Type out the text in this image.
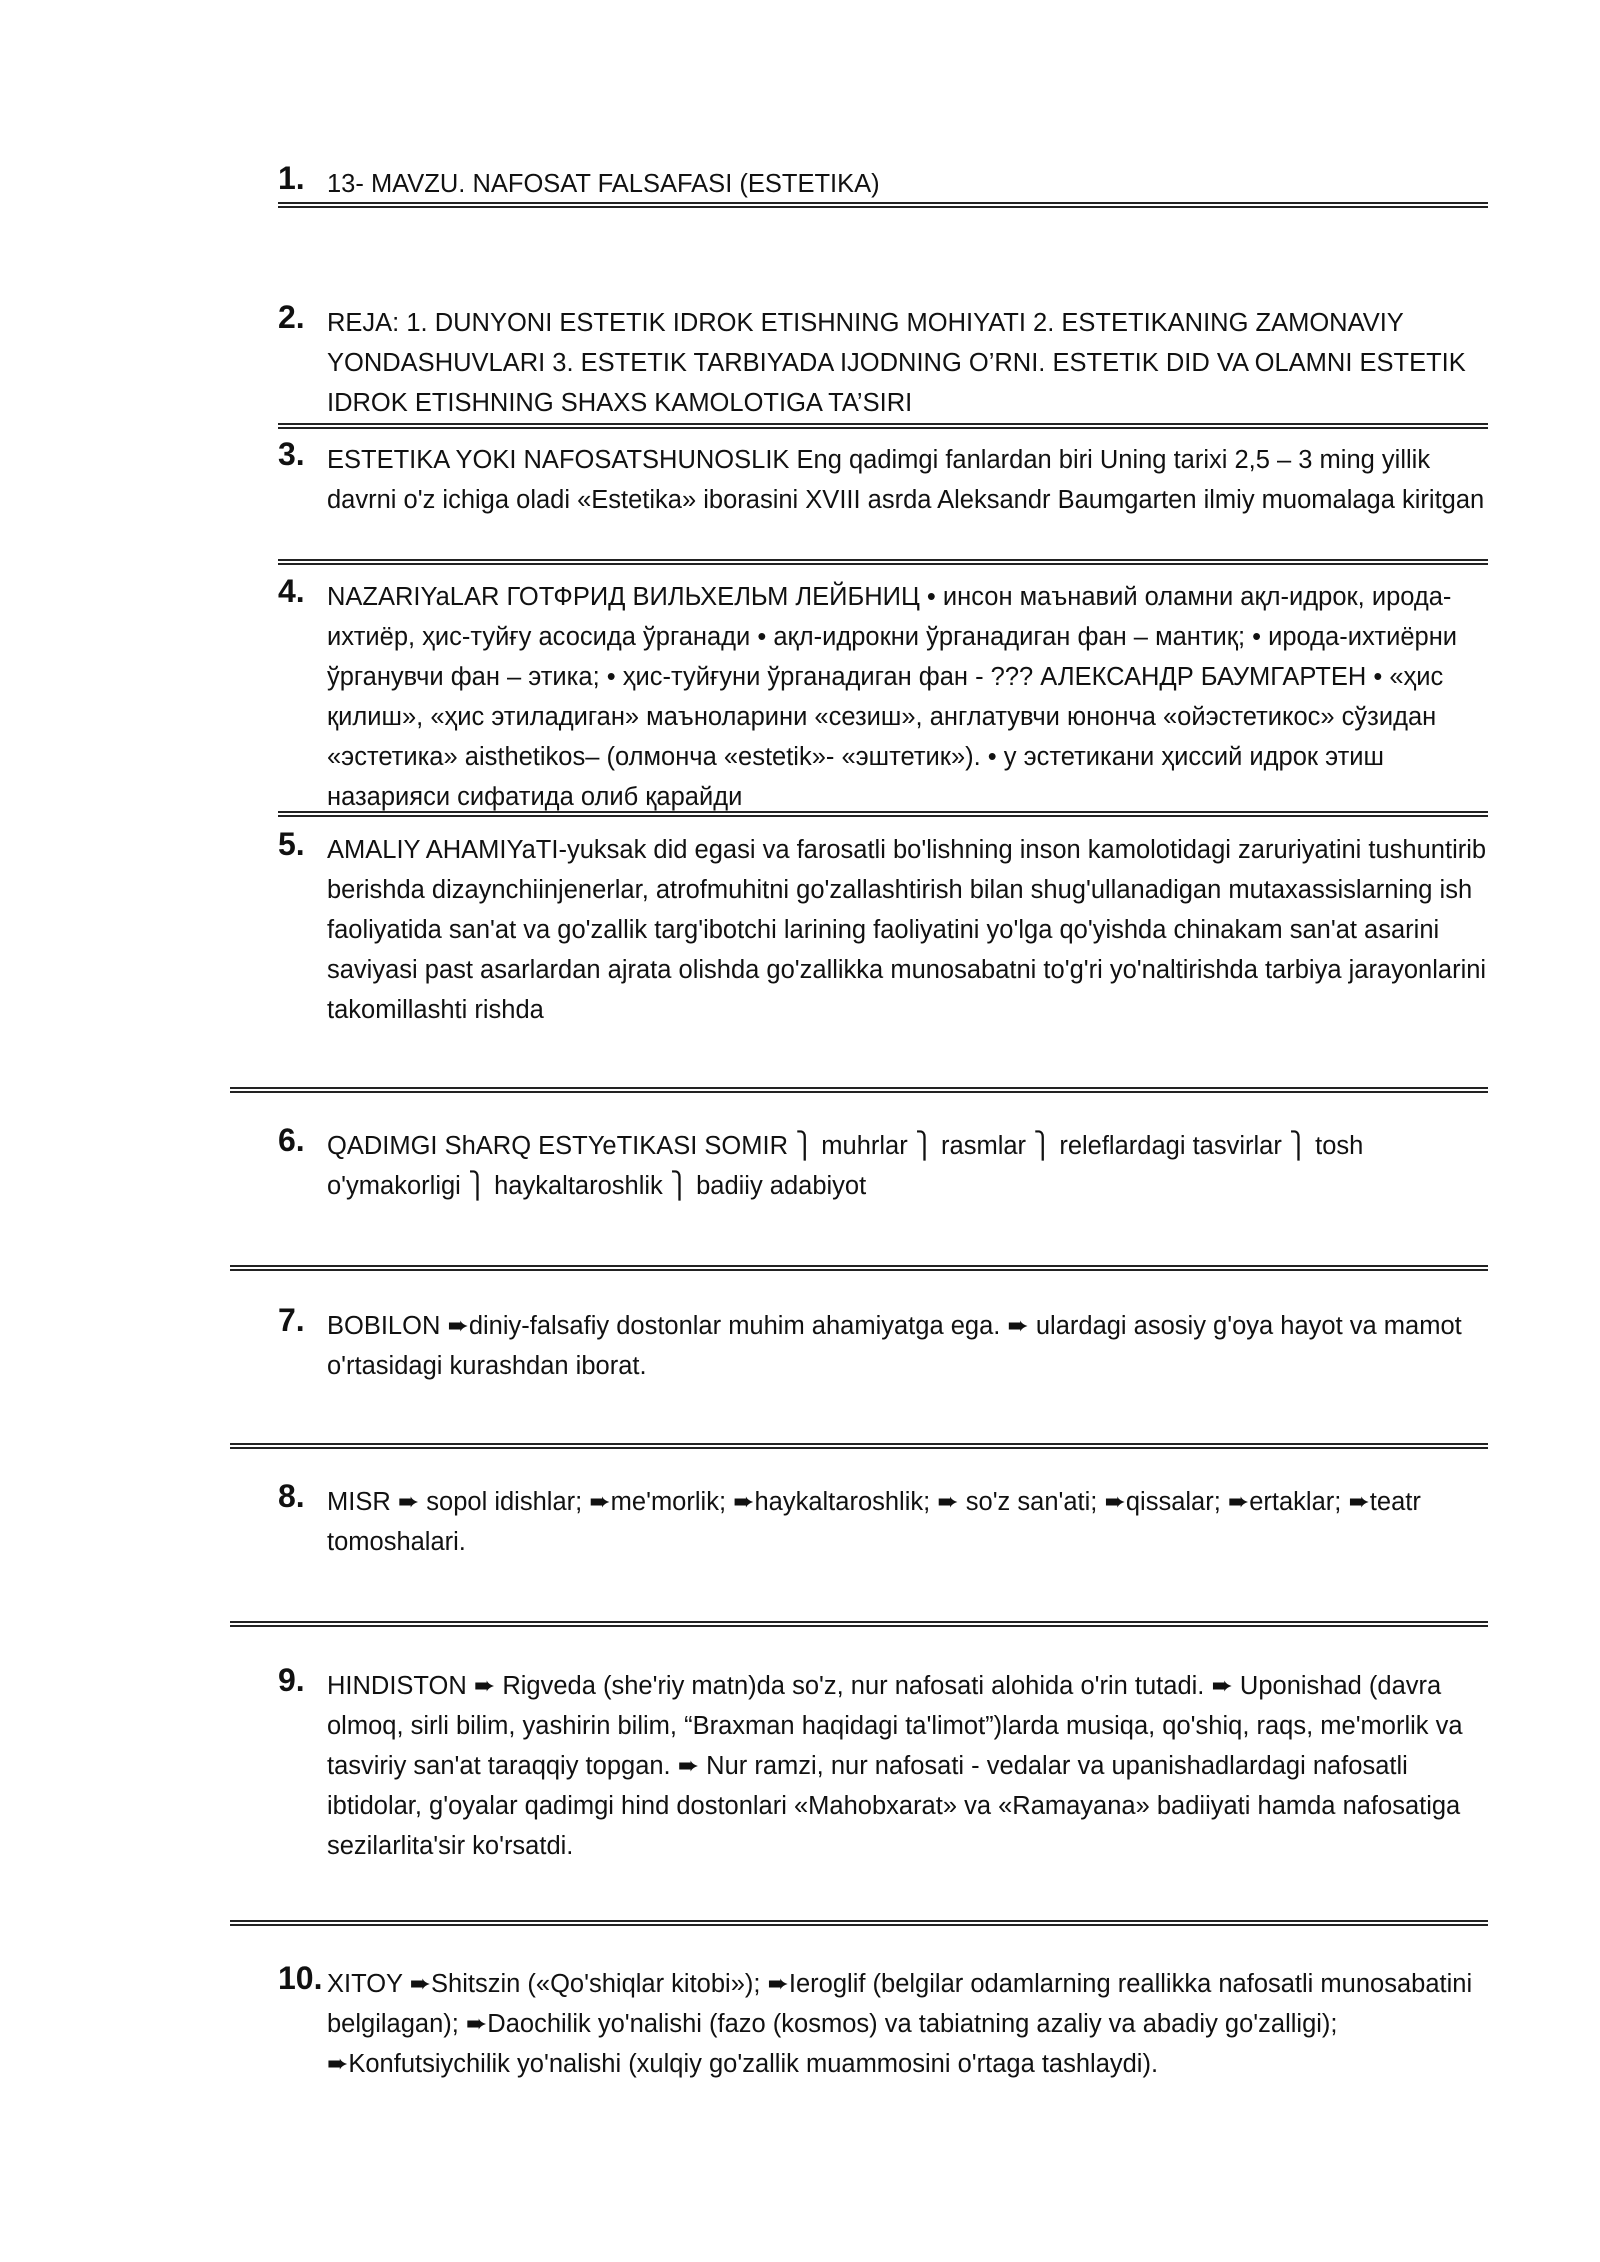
1. 13- MAVZU. NAFOSAT FALSAFASI (ESTETIKA)
2. REJA: 1. DUNYONI ESTETIK IDROK ETISHNING MOHIYATI 2. ESTETIKANING ZAMONAVIY YONDASHUVLARI 3. ESTETIK TARBIYADA IJODNING O’RNI. ESTETIK DID VA OLAMNI ESTETIK IDROK ETISHNING SHAXS KAMOLOTIGA TA’SIRI
3. ESTETIKA YOKI NAFOSATSHUNOSLIK Eng qadimgi fanlardan biri Uning tarixi 2,5 – 3 ming yillik davrni o'z ichiga oladi «Estetika» iborasini XVIII asrda Aleksandr Baumgarten ilmiy muomalaga kiritgan
4. NAZARIYaLAR ГОТФРИД ВИЛЬХЕЛЬМ ЛЕЙБНИЦ • инсон маънавий оламни ақл-идрок, ирода-ихтиёр, ҳис-туйғу асосида ўрганади • ақл-идрокни ўрганадиган фан – мантиқ; • ирода-ихтиёрни ўрганувчи фан – этика; • ҳис-туйғуни ўрганадиган фан - ??? АЛЕКСАНДР БАУМГАРТЕН • «ҳис қилиш», «ҳис этиладиган» маъноларини «сезиш», англатувчи юнонча «ойэстетикос» сўзидан «эстетика» aisthetikos– (олмонча «estetik»- «эштетик»). • у эстетикани ҳиссий идрок этиш назарияси сифатида олиб қарайди
5. AMALIY AHAMIYaTI-yuksak did egasi va farosatli bo'lishning inson kamolotidagi zaruriyatini tushuntirib berishda dizaynchiinjenerlar, atrofmuhitni go'zallashtirish bilan shug'ullanadigan mutaxassislarning ish faoliyatida san'at va go'zallik targ'ibotchi larining faoliyatini yo'lga qo'yishda chinakam san'at asarini saviyasi past asarlardan ajrata olishda go'zallikka munosabatni to'g'ri yo'naltirishda tarbiya jarayonlarini takomillashti rishda
6. QADIMGI ShARQ ESTYeTIKASI SOMIR ⎫ muhrlar ⎫ rasmlar ⎫ releflardagi tasvirlar ⎫ tosh o'ymakorligi ⎫ haykaltaroshlik ⎫ badiiy adabiyot
7. BOBILON ➨diniy-falsafiy dostonlar muhim ahamiyatga ega. ➨ ulardagi asosiy g'oya hayot va mamot o'rtasidagi kurashdan iborat.
8. MISR ➨ sopol idishlar; ➨me'morlik; ➨haykaltaroshlik; ➨ so'z san'ati; ➨qissalar; ➨ertaklar; ➨teatr tomoshalari.
9. HINDISTON ➨ Rigveda (she'riy matn)da so'z, nur nafosati alohida o'rin tutadi. ➨ Uponishad (davra olmoq, sirli bilim, yashirin bilim, “Braxman haqidagi ta'limot”)larda musiqa, qo'shiq, raqs, me'morlik va tasviriy san'at taraqqiy topgan. ➨ Nur ramzi, nur nafosati - vedalar va upanishadlardagi nafosatli ibtidolar, g'oyalar qadimgi hind dostonlari «Mahobxarat» va «Ramayana» badiiyati hamda nafosatiga sezilarlita'sir ko'rsatdi.
10. XITOY ➨Shitszin («Qo'shiqlar kitobi»); ➨Ieroglif (belgilar odamlarning reallikka nafosatli munosabatini belgilagan); ➨Daochilik yo'nalishi (fazo (kosmos) va tabiatning azaliy va abadiy go'zalligi); ➨Konfutsiychilik yo'nalishi (xulqiy go'zallik muammosini o'rtaga tashlaydi).
